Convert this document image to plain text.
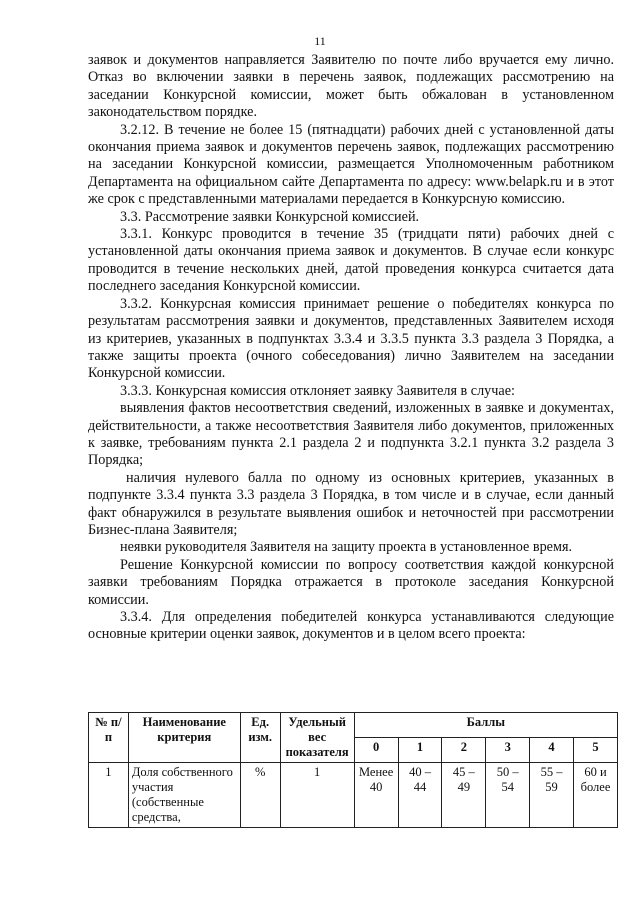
11

заявок и документов направляется Заявителю по почте либо вручается ему лично. Отказ во включении заявки в перечень заявок, подлежащих рассмотрению на заседании Конкурсной комиссии, может быть обжалован в установленном законодательством порядке.

3.2.12. В течение не более 15 (пятнадцати) рабочих дней с установленной даты окончания приема заявок и документов перечень заявок, подлежащих рассмотрению на заседании Конкурсной комиссии, размещается Уполномоченным работником Департамента на официальном сайте Департамента по адресу: www.belapk.ru и в этот же срок с представленными материалами передается в Конкурсную комиссию.

3.3. Рассмотрение заявки Конкурсной комиссией.

3.3.1. Конкурс проводится в течение 35 (тридцати пяти) рабочих дней с установленной даты окончания приема заявок и документов. В случае если конкурс проводится в течение нескольких дней, датой проведения конкурса считается дата последнего заседания Конкурсной комиссии.

3.3.2. Конкурсная комиссия принимает решение о победителях конкурса по результатам рассмотрения заявки и документов, представленных Заявителем исходя из критериев, указанных в подпунктах 3.3.4 и 3.3.5 пункта 3.3 раздела 3 Порядка, а также защиты проекта (очного собеседования) лично Заявителем на заседании Конкурсной комиссии.

3.3.3. Конкурсная комиссия отклоняет заявку Заявителя в случае:

выявления фактов несоответствия сведений, изложенных в заявке и документах, действительности, а также несоответствия Заявителя либо документов, приложенных к заявке, требованиям пункта 2.1 раздела 2 и подпункта 3.2.1 пункта 3.2 раздела 3 Порядка;

наличия нулевого балла по одному из основных критериев, указанных в подпункте 3.3.4 пункта 3.3 раздела 3 Порядка, в том числе и в случае, если данный факт обнаружился в результате выявления ошибок и неточностей при рассмотрении Бизнес-плана Заявителя;

неявки руководителя Заявителя на защиту проекта в установленное время.

Решение Конкурсной комиссии по вопросу соответствия каждой конкурсной заявки требованиям Порядка отражается в протоколе заседания Конкурсной комиссии.

3.3.4. Для определения победителей конкурса устанавливаются следующие основные критерии оценки заявок, документов и в целом всего проекта:

№ п/п	Наименование критерия	Ед. изм.	Удельный вес показателя	Баллы					
				0	1	2	3	4	5
1	Доля собственного участия (собственные средства,	%	1	Менее 40	40 – 44	45 – 49	50 – 54	55 – 59	60 и более
